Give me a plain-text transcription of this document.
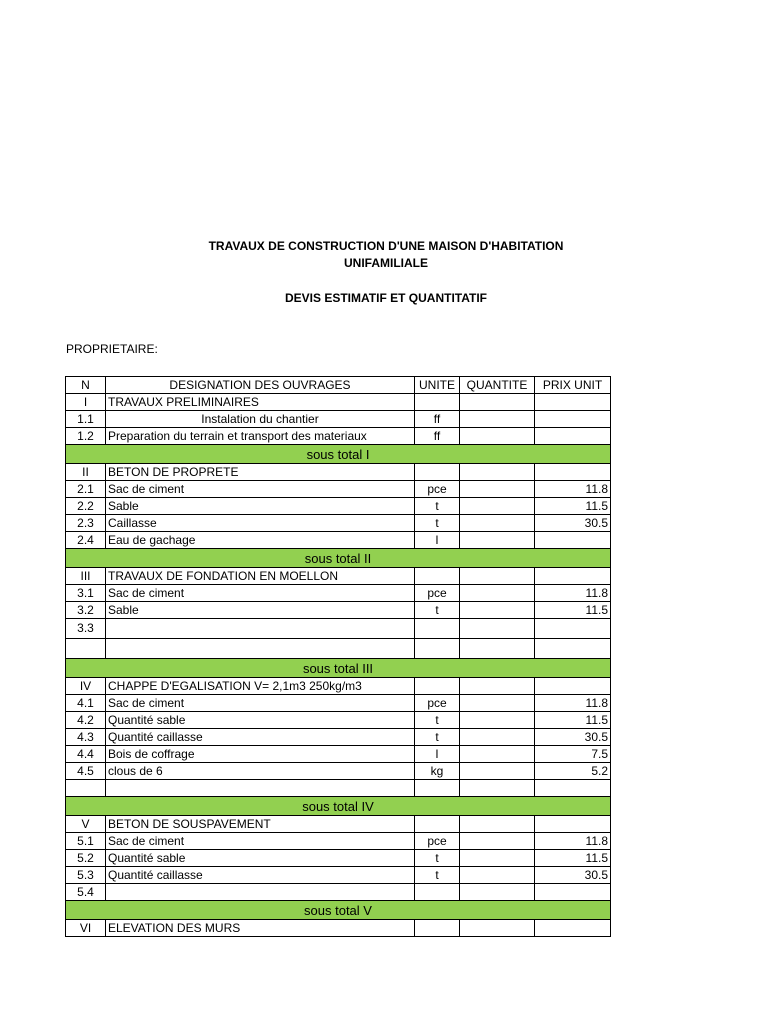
TRAVAUX DE CONSTRUCTION D'UNE MAISON D'HABITATION
UNIFAMILIALE
DEVIS ESTIMATIF ET QUANTITATIF
PROPRIETAIRE:
N	DESIGNATION DES OUVRAGES	UNITE	QUANTITE	PRIX UNIT
I	TRAVAUX PRELIMINAIRES			
1.1	Instalation du chantier	ff		
1.2	Preparation du terrain et transport des materiaux	ff		
sous total I				
II	BETON DE PROPRETE			
2.1	Sac de ciment	pce		11.8
2.2	Sable	t		11.5
2.3	Caillasse	t		30.5
2.4	Eau de gachage	l		
sous total II				
III	TRAVAUX DE FONDATION EN MOELLON			
3.1	Sac de ciment	pce		11.8
3.2	Sable	t		11.5
3.3				

sous total III				
IV	CHAPPE D'EGALISATION V= 2,1m3 250kg/m3			
4.1	Sac de ciment	pce		11.8
4.2	Quantité sable	t		11.5
4.3	Quantité caillasse	t		30.5
4.4	Bois de coffrage	l		7.5
4.5	clous de 6	kg		5.2

sous total IV				
V	BETON DE SOUSPAVEMENT			
5.1	Sac de ciment	pce		11.8
5.2	Quantité sable	t		11.5
5.3	Quantité caillasse	t		30.5
5.4				
sous total V				
VI	ELEVATION DES MURS			
